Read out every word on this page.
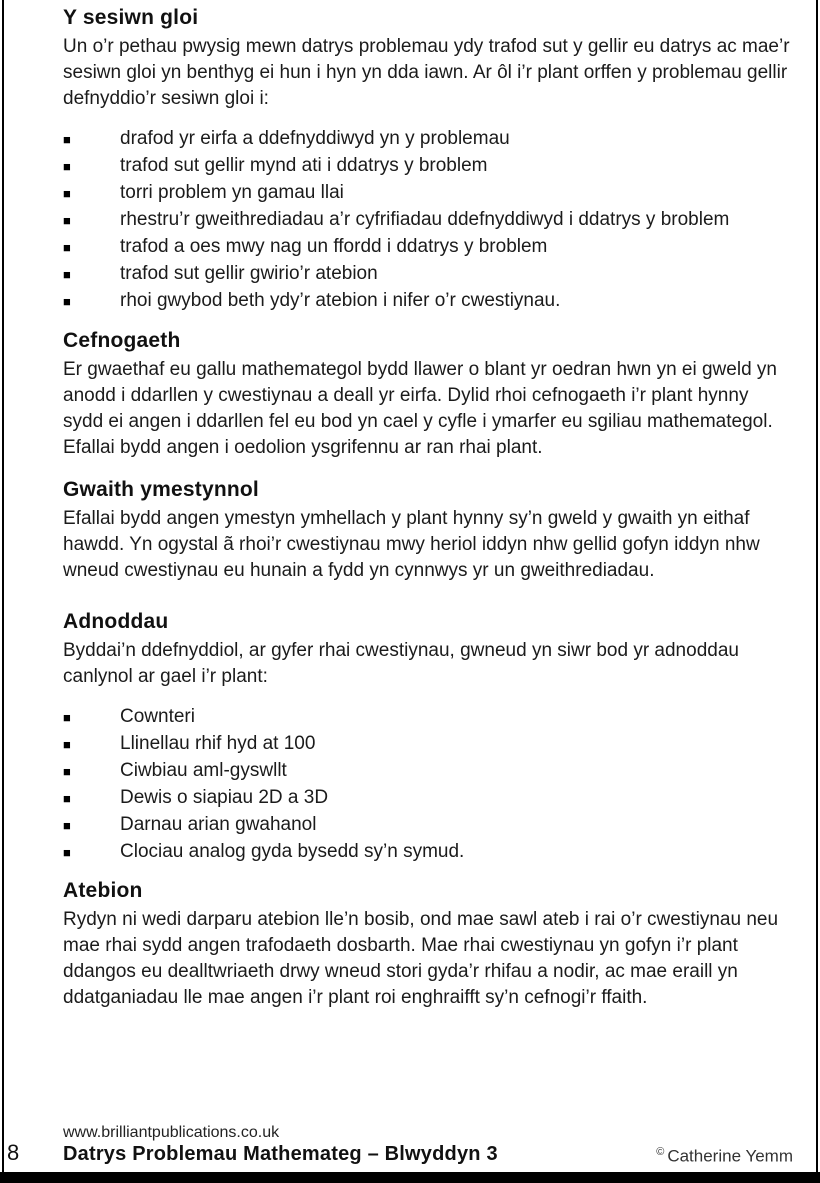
Y sesiwn gloi

Un o’r pethau pwysig mewn datrys problemau ydy trafod sut y gellir eu datrys ac mae’r sesiwn gloi yn benthyg ei hun i hyn yn dda iawn. Ar ôl i’r plant orffen y problemau gellir defnyddio’r sesiwn gloi i:

■	drafod yr eirfa a ddefnyddiwyd yn y problemau
■	trafod sut gellir mynd ati i ddatrys y broblem
■	torri problem yn gamau llai
■	rhestru’r gweithrediadau a’r cyfrifiadau ddefnyddiwyd i ddatrys y broblem
■	trafod a oes mwy nag un ffordd i ddatrys y broblem
■	trafod sut gellir gwirio’r atebion
■	rhoi gwybod beth ydy’r atebion i nifer o’r cwestiynau.
Cefnogaeth

Er gwaethaf eu gallu mathemategol bydd llawer o blant yr oedran hwn yn ei gweld yn anodd i ddarllen y cwestiynau a deall yr eirfa. Dylid rhoi cefnogaeth i’r plant hynny sydd ei angen i ddarllen fel eu bod yn cael y cyfle i ymarfer eu sgiliau mathemategol. Efallai bydd angen i oedolion ysgrifennu ar ran rhai plant.

Gwaith ymestynnol

Efallai bydd angen ymestyn ymhellach y plant hynny sy’n gweld y gwaith yn eithaf hawdd. Yn ogystal ã rhoi’r cwestiynau mwy heriol iddyn nhw gellid gofyn iddyn nhw wneud cwestiynau eu hunain a fydd yn cynnwys yr un gweithrediadau.

Adnoddau

Byddai’n ddefnyddiol, ar gyfer rhai cwestiynau, gwneud yn siwr bod yr adnoddau canlynol ar gael i’r plant:

■	Cownteri
■	Llinellau rhif hyd at 100
■	Ciwbiau aml-gyswllt
■	Dewis o siapiau 2D a 3D
■	Darnau arian gwahanol
■	Clociau analog gyda bysedd sy’n symud.
Atebion

Rydyn ni wedi darparu atebion lle’n bosib, ond mae sawl ateb i rai o’r cwestiynau neu mae rhai sydd angen trafodaeth dosbarth. Mae rhai cwestiynau yn gofyn i’r plant ddangos eu dealltwriaeth drwy wneud stori gyda’r rhifau a nodir, ac mae eraill yn ddatganiadau lle mae angen i’r plant roi enghraifft sy’n cefnogi’r ffaith.

www.brilliantpublications.co.uk
8 Datrys Problemau Mathemateg – Blwyddyn 3	© Catherine Yemm
